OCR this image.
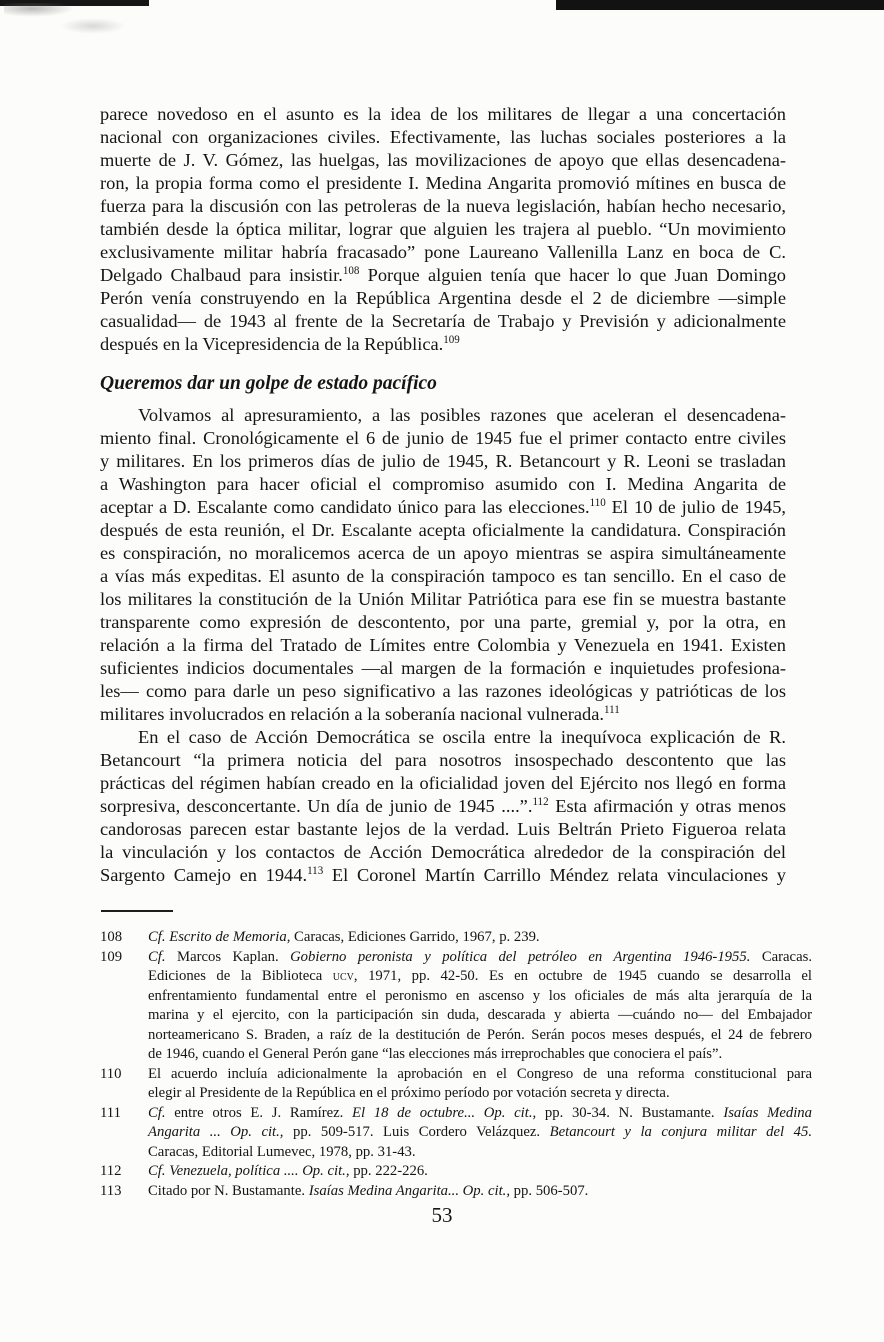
parece novedoso en el asunto es la idea de los militares de llegar a una concertación
nacional con organizaciones civiles. Efectivamente, las luchas sociales posteriores a la
muerte de J. V. Gómez, las huelgas, las movilizaciones de apoyo que ellas desencadena-
ron, la propia forma como el presidente I. Medina Angarita promovió mítines en busca de
fuerza para la discusión con las petroleras de la nueva legislación, habían hecho necesario,
también desde la óptica militar, lograr que alguien les trajera al pueblo. “Un movimiento
exclusivamente militar habría fracasado” pone Laureano Vallenilla Lanz en boca de C.
Delgado Chalbaud para insistir.$^{108}$ Porque alguien tenía que hacer lo que Juan Domingo
Perón venía construyendo en la República Argentina desde el 2 de diciembre —simple
casualidad— de 1943 al frente de la Secretaría de Trabajo y Previsión y adicionalmente
después en la Vicepresidencia de la República.$^{109}$
Queremos dar un golpe de estado pacífico
Volvamos al apresuramiento, a las posibles razones que aceleran el desencadena-
miento final. Cronológicamente el 6 de junio de 1945 fue el primer contacto entre civiles
y militares. En los primeros días de julio de 1945, R. Betancourt y R. Leoni se trasladan
a Washington para hacer oficial el compromiso asumido con I. Medina Angarita de
aceptar a D. Escalante como candidato único para las elecciones.$^{110}$ El 10 de julio de 1945,
después de esta reunión, el Dr. Escalante acepta oficialmente la candidatura. Conspiración
es conspiración, no moralicemos acerca de un apoyo mientras se aspira simultáneamente
a vías más expeditas. El asunto de la conspiración tampoco es tan sencillo. En el caso de
los militares la constitución de la Unión Militar Patriótica para ese fin se muestra bastante
transparente como expresión de descontento, por una parte, gremial y, por la otra, en
relación a la firma del Tratado de Límites entre Colombia y Venezuela en 1941. Existen
suficientes indicios documentales —al margen de la formación e inquietudes profesiona-
les— como para darle un peso significativo a las razones ideológicas y patrióticas de los
militares involucrados en relación a la soberanía nacional vulnerada.$^{111}$
En el caso de Acción Democrática se oscila entre la inequívoca explicación de R.
Betancourt “la primera noticia del para nosotros insospechado descontento que las
prácticas del régimen habían creado en la oficialidad joven del Ejército nos llegó en forma
sorpresiva, desconcertante. Un día de junio de 1945 ....”.$^{112}$ Esta afirmación y otras menos
candorosas parecen estar bastante lejos de la verdad. Luis Beltrán Prieto Figueroa relata
la vinculación y los contactos de Acción Democrática alrededor de la conspiración del
Sargento Camejo en 1944.$^{113}$ El Coronel Martín Carrillo Méndez relata vinculaciones y
108	Cf. Escrito de Memoria, Caracas, Ediciones Garrido, 1967, p. 239.
109	Cf. Marcos Kaplan. Gobierno peronista y política del petróleo en Argentina 1946-1955. Caracas.
Ediciones de la Biblioteca ucv, 1971, pp. 42-50. Es en octubre de 1945 cuando se desarrolla el
enfrentamiento fundamental entre el peronismo en ascenso y los oficiales de más alta jerarquía de la
marina y el ejercito, con la participación sin duda, descarada y abierta —cuándo no— del Embajador
norteamericano S. Braden, a raíz de la destitución de Perón. Serán pocos meses después, el 24 de febrero
de 1946, cuando el General Perón gane “las elecciones más irreprochables que conociera el país”.
110	El acuerdo incluía adicionalmente la aprobación en el Congreso de una reforma constitucional para
elegir al Presidente de la República en el próximo período por votación secreta y directa.
111	Cf. entre otros E. J. Ramírez. El 18 de octubre... Op. cit., pp. 30-34. N. Bustamante. Isaías Medina
Angarita ... Op. cit., pp. 509-517. Luis Cordero Velázquez. Betancourt y la conjura militar del 45.
Caracas, Editorial Lumevec, 1978, pp. 31-43.
112	Cf. Venezuela, política .... Op. cit., pp. 222-226.
113	Citado por N. Bustamante. Isaías Medina Angarita... Op. cit., pp. 506-507.
53
